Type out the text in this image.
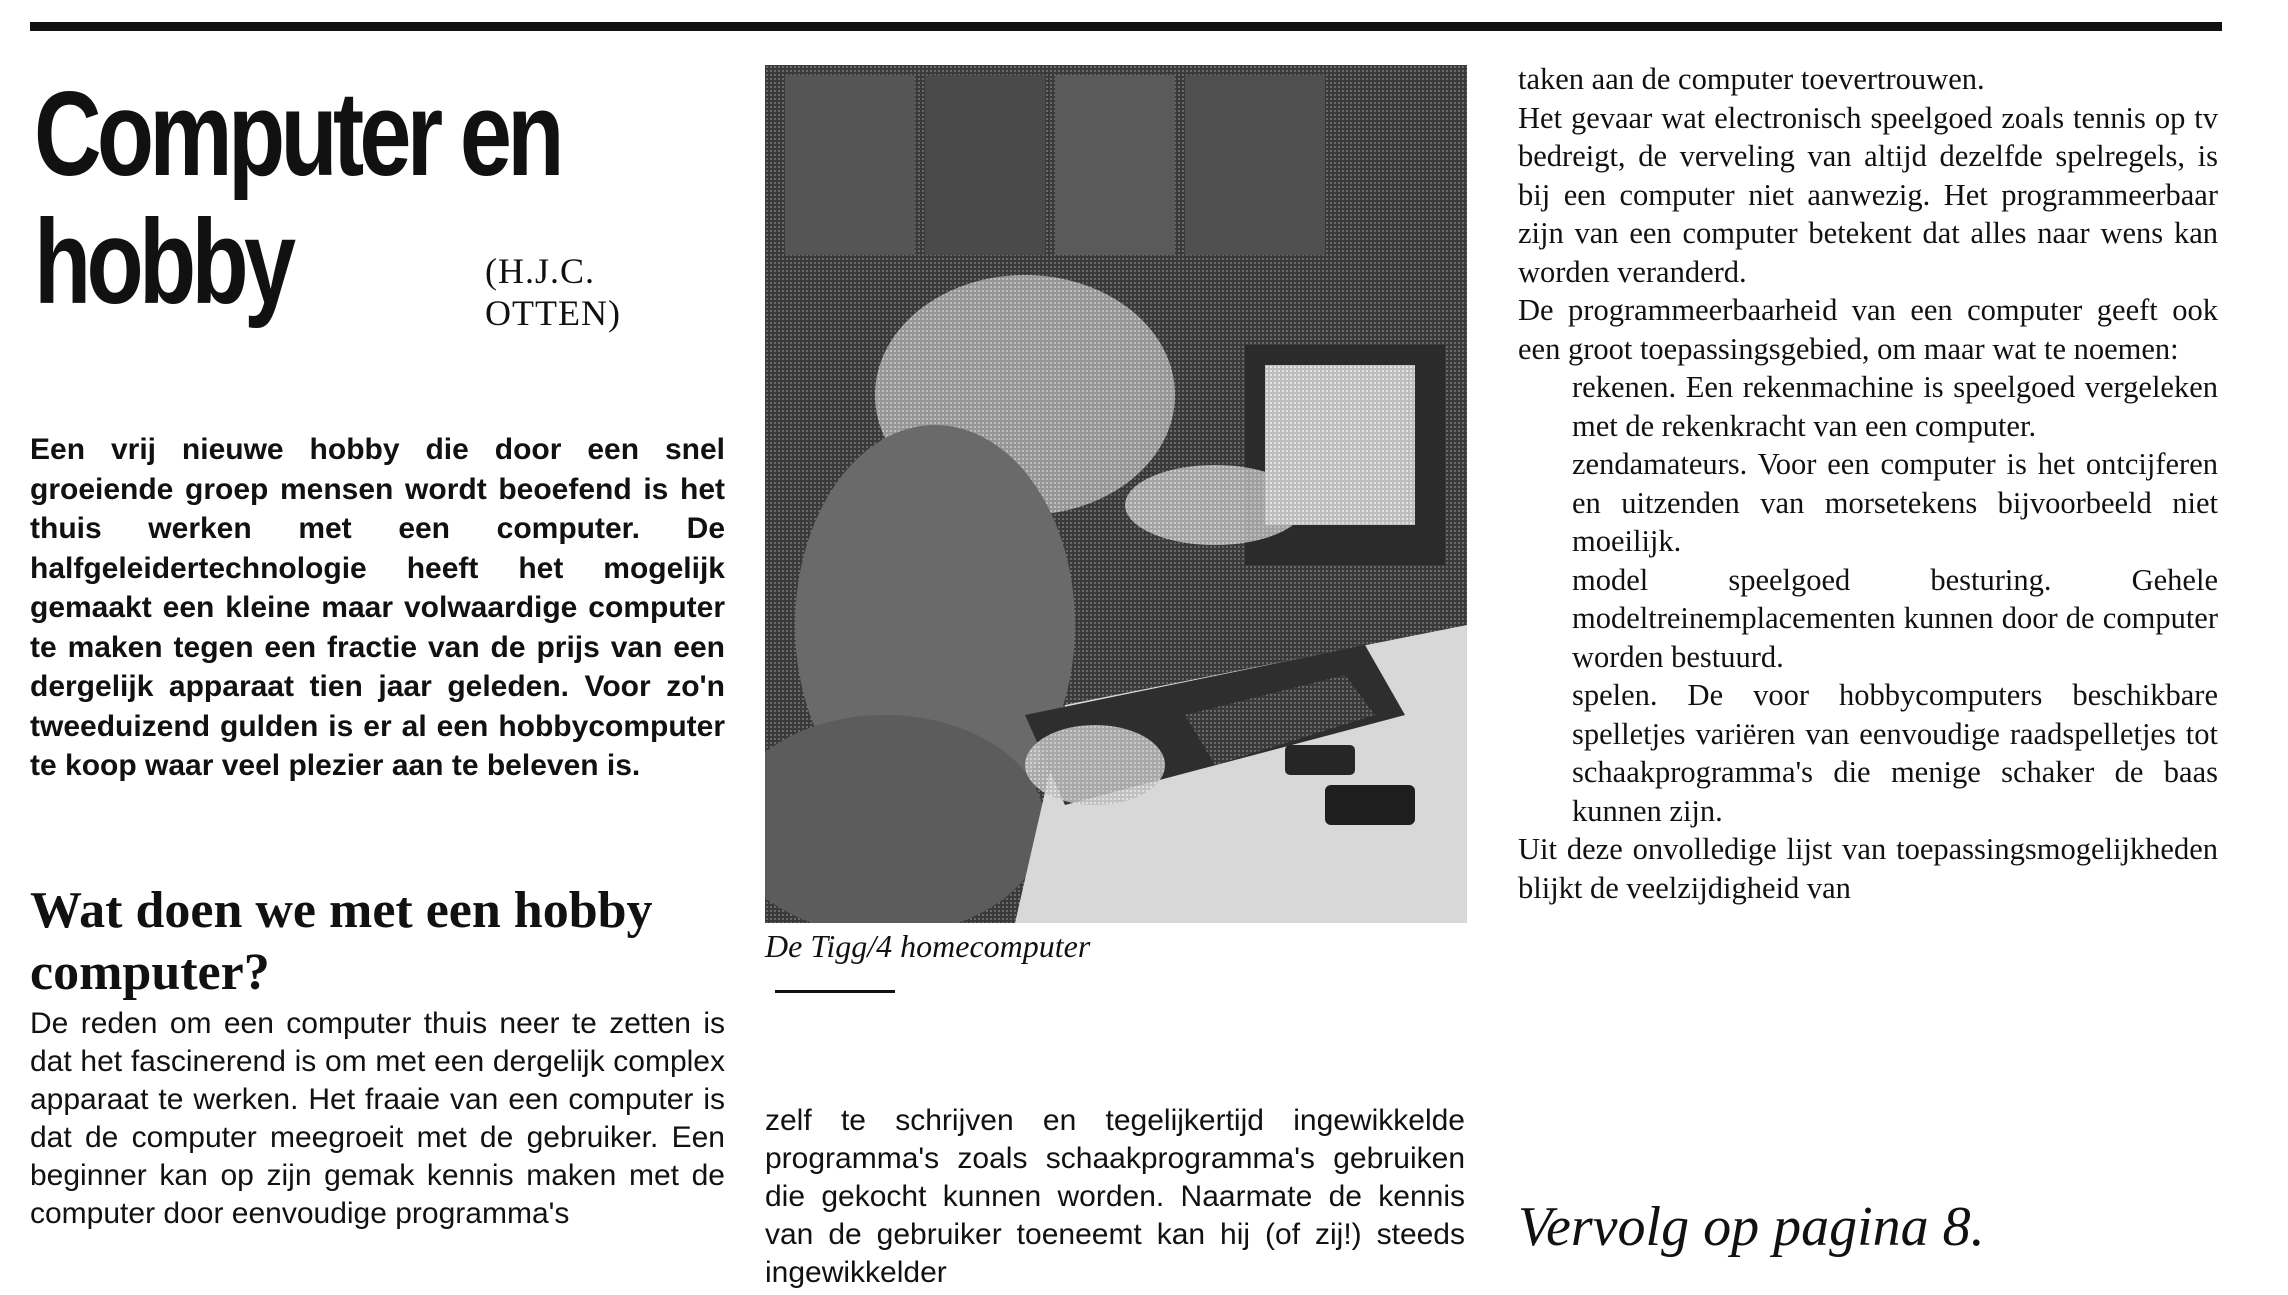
Computer en
hobby	(H.J.C. OTTEN)
Een vrij nieuwe hobby die door een snel groeiende groep mensen wordt beoefend is het thuis werken met een computer. De halfgeleidertechnologie heeft het mogelijk gemaakt een kleine maar volwaardige computer te maken tegen een fractie van de prijs van een dergelijk apparaat tien jaar geleden. Voor zo'n tweeduizend gulden is er al een hobbycomputer te koop waar veel plezier aan te beleven is.
Wat doen we met een hobby computer?
De reden om een computer thuis neer te zetten is dat het fascinerend is om met een dergelijk complex apparaat te werken. Het fraaie van een computer is dat de computer meegroeit met de gebruiker. Een beginner kan op zijn gemak kennis maken met de computer door eenvoudige programma's
De Tigg/4 homecomputer
zelf te schrijven en tegelijkertijd ingewikkelde programma's zoals schaakprogramma's gebruiken die gekocht kunnen worden. Naarmate de kennis van de gebruiker toeneemt kan hij (of zij!) steeds ingewikkelder

taken aan de computer toevertrouwen.

Het gevaar wat electronisch speelgoed zoals tennis op tv bedreigt, de verveling van altijd dezelfde spelregels, is bij een computer niet aanwezig. Het programmeerbaar zijn van een computer betekent dat alles naar wens kan worden veranderd.

De programmeerbaarheid van een computer geeft ook een groot toepassingsgebied, om maar wat te noemen:

rekenen. Een rekenmachine is speelgoed vergeleken met de rekenkracht van een computer.

zendamateurs. Voor een computer is het ontcijferen en uitzenden van morsetekens bijvoorbeeld niet moeilijk.

model speelgoed besturing. Gehele modeltreinemplacementen kunnen door de computer worden bestuurd.

spelen. De voor hobbycomputers beschikbare spelletjes variëren van eenvoudige raadspelletjes tot schaakprogramma's die menige schaker de baas kunnen zijn.

Uit deze onvolledige lijst van toepassingsmogelijkheden blijkt de veelzijdigheid van

Vervolg op pagina 8.
